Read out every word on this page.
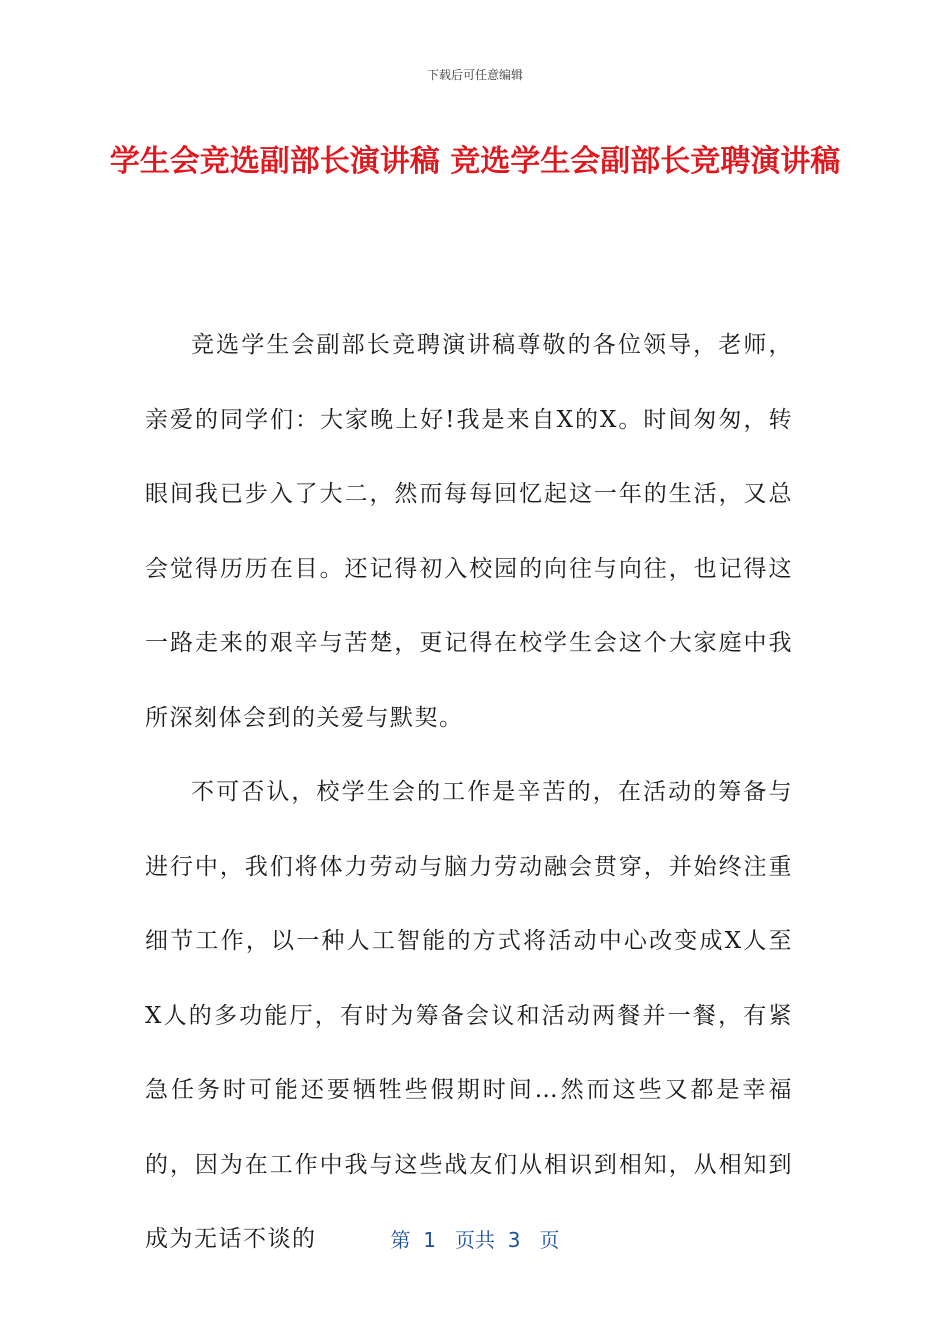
下载后可任意编辑
学生会竞选副部长演讲稿 竞选学生会副部长竞聘演讲稿

竞选学生会副部长竞聘演讲稿尊敬的各位领导，老师，亲爱的同学们：大家晚上好!我是来自X的X。时间匆匆，转眼间我已步入了大二，然而每每回忆起这一年的生活，又总会觉得历历在目。还记得初入校园的向往与向往，也记得这一路走来的艰辛与苦楚，更记得在校学生会这个大家庭中我所深刻体会到的关爱与默契。

不可否认，校学生会的工作是辛苦的，在活动的筹备与进行中，我们将体力劳动与脑力劳动融会贯穿，并始终注重细节工作，以一种人工智能的方式将活动中心改变成X人至X人的多功能厅，有时为筹备会议和活动两餐并一餐，有紧急任务时可能还要牺牲些假期时间…然而这些又都是幸福的，因为在工作中我与这些战友们从相识到相知，从相知到成为无话不谈的	第  1   页共  3   页
